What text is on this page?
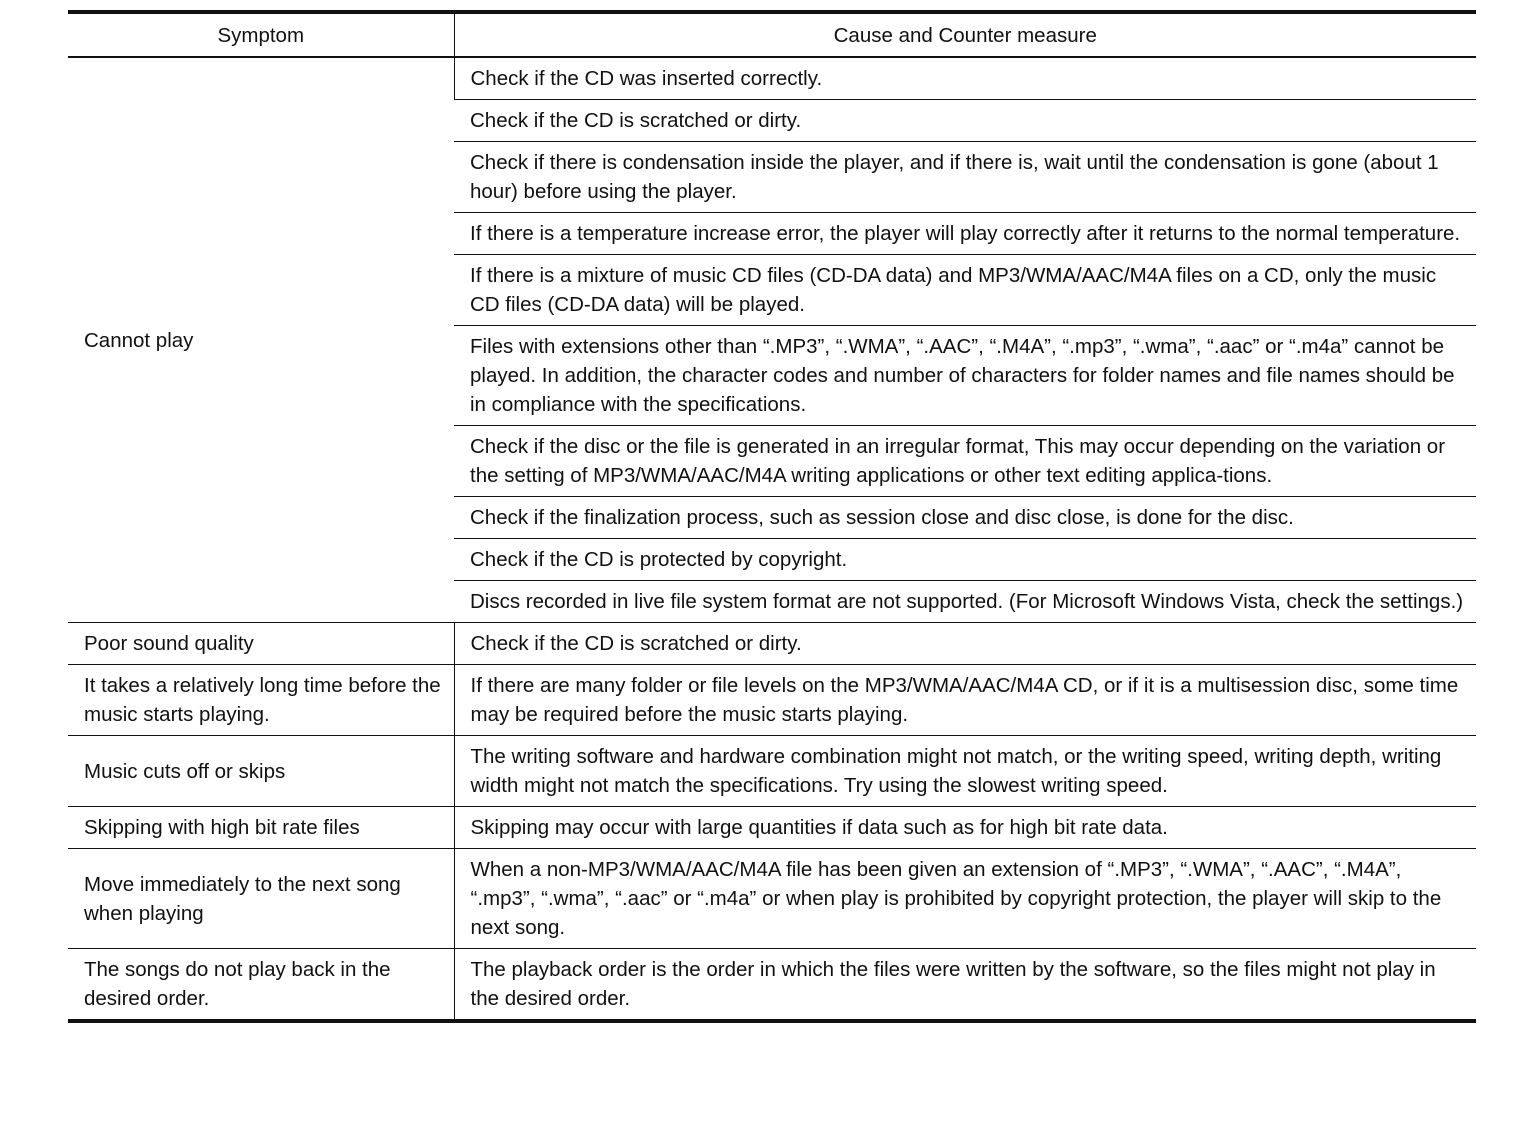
Symptom	Cause and Counter measure
Cannot play	Check if the CD was inserted correctly.
	Check if the CD is scratched or dirty.
	Check if there is condensation inside the player, and if there is, wait until the condensation is gone (about 1 hour) before using the player.
	If there is a temperature increase error, the player will play correctly after it returns to the normal temperature.
	If there is a mixture of music CD files (CD-DA data) and MP3/WMA/AAC/M4A files on a CD, only the music CD files (CD-DA data) will be played.
	Files with extensions other than “.MP3”, “.WMA”, “.AAC”, “.M4A”, “.mp3”, “.wma”, “.aac” or “.m4a” cannot be played. In addition, the character codes and number of characters for folder names and file names should be in compliance with the specifications.
	Check if the disc or the file is generated in an irregular format, This may occur depending on the variation or the setting of MP3/WMA/AAC/M4A writing applications or other text editing applica-tions.
	Check if the finalization process, such as session close and disc close, is done for the disc.
	Check if the CD is protected by copyright.
	Discs recorded in live file system format are not supported. (For Microsoft Windows Vista, check the settings.)
Poor sound quality	Check if the CD is scratched or dirty.
It takes a relatively long time before the music starts playing.	If there are many folder or file levels on the MP3/WMA/AAC/M4A CD, or if it is a multisession disc, some time may be required before the music starts playing.
Music cuts off or skips	The writing software and hardware combination might not match, or the writing speed, writing depth, writing width might not match the specifications. Try using the slowest writing speed.
Skipping with high bit rate files	Skipping may occur with large quantities if data such as for high bit rate data.
Move immediately to the next song when playing	When a non-MP3/WMA/AAC/M4A file has been given an extension of “.MP3”, “.WMA”, “.AAC”, “.M4A”, “.mp3”, “.wma”, “.aac” or “.m4a” or when play is prohibited by copyright protection, the player will skip to the next song.
The songs do not play back in the desired order.	The playback order is the order in which the files were written by the software, so the files might not play in the desired order.
